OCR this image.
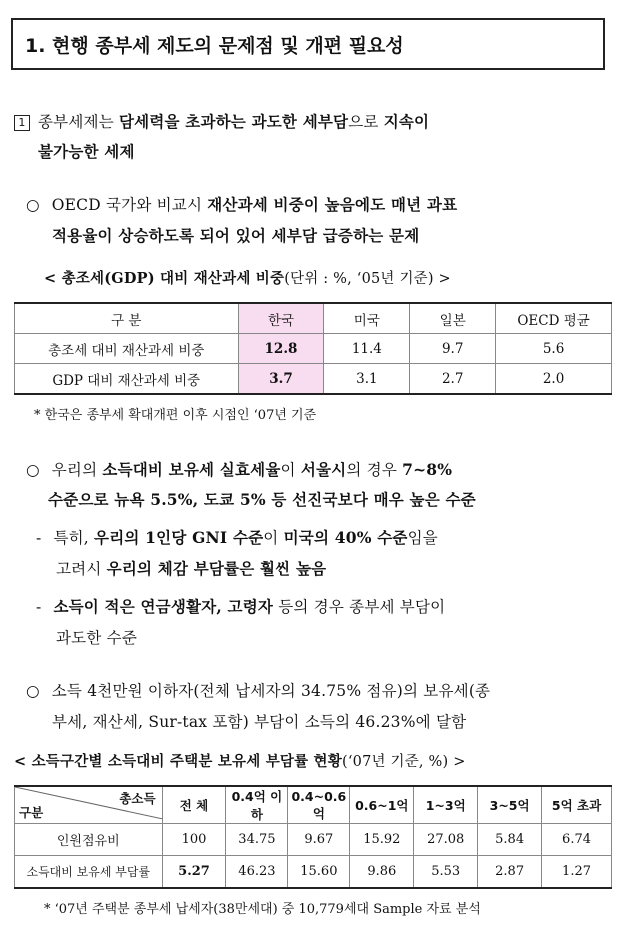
1. 현행 종부세 제도의 문제점 및 개편 필요성
1 종부세제는 담세력을 초과하는 과도한 세부담으로 지속이
불가능한 세제
○ OECD 국가와 비교시 재산과세 비중이 높음에도 매년 과표
적용율이 상승하도록 되어 있어 세부담 급증하는 문제
< 총조세(GDP) 대비 재산과세 비중(단위 : %, ‘05년 기준) >
구 분	한국	미국	일본	OECD 평균
총조세 대비 재산과세 비중	12.8	11.4	9.7	5.6
GDP 대비 재산과세 비중	3.7	3.1	2.7	2.0
* 한국은 종부세 확대개편 이후 시점인 ‘07년 기준
○ 우리의 소득대비 보유세 실효세율이 서울시의 경우 7~8%
수준으로 뉴욕 5.5%, 도쿄 5% 등 선진국보다 매우 높은 수준
- 특히, 우리의 1인당 GNI 수준이 미국의 40% 수준임을
고려시 우리의 체감 부담률은 훨씬 높음
- 소득이 적은 연금생활자, 고령자 등의 경우 종부세 부담이
과도한 수준
○ 소득 4천만원 이하자(전체 납세자의 34.75% 점유)의 보유세(종
부세, 재산세, Sur-tax 포함) 부담이 소득의 46.23%에 달함
< 소득구간별 소득대비 주택분 보유세 부담률 현황(‘07년 기준, %) >
총소득
구분	전 체	0.4억 이하	0.4~0.6억	0.6~1억	1~3억	3~5억	5억 초과
인원점유비	100	34.75	9.67	15.92	27.08	5.84	6.74
소득대비 보유세 부담률	5.27	46.23	15.60	9.86	5.53	2.87	1.27
* ‘07년 주택분 종부세 납세자(38만세대) 중 10,779세대 Sample 자료 분석
